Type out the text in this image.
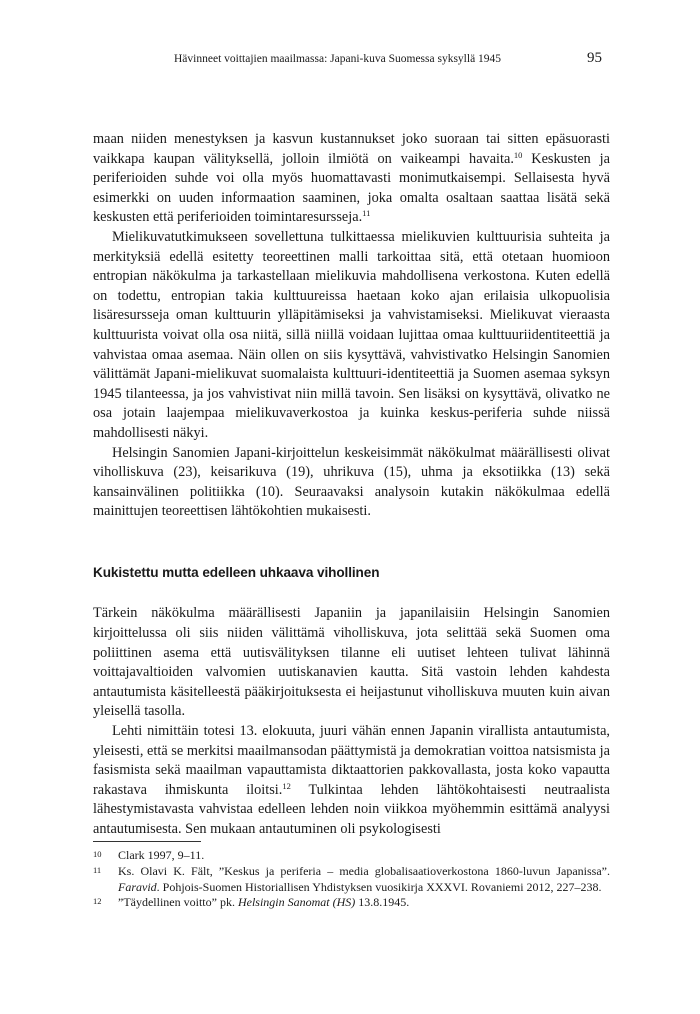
Hävinneet voittajien maailmassa: Japani-kuva Suomessa syksyllä 1945	95

maan niiden menestyksen ja kasvun kustannukset joko suoraan tai sitten epäsuorasti vaikkapa kaupan välityksellä, jolloin ilmiötä on vaikeampi havaita.$^{10}$ Keskusten ja periferioiden suhde voi olla myös huomattavasti monimutkaisempi. Sellaisesta hyvä esimerkki on uuden informaation saaminen, joka omalta osaltaan saattaa lisätä sekä keskusten että periferioiden toimintaresursseja.$^{11}$

Mielikuvatutkimukseen sovellettuna tulkittaessa mielikuvien kulttuurisia suhteita ja merkityksiä edellä esitetty teoreettinen malli tarkoittaa sitä, että otetaan huomioon entropian näkökulma ja tarkastellaan mielikuvia mahdollisena verkostona. Kuten edellä on todettu, entropian takia kulttuureissa haetaan koko ajan erilaisia ulkopuolisia lisäresursseja oman kulttuurin ylläpitämiseksi ja vahvistamiseksi. Mielikuvat vieraasta kulttuurista voivat olla osa niitä, sillä niillä voidaan lujittaa omaa kulttuuriidentiteettiä ja vahvistaa omaa asemaa. Näin ollen on siis kysyttävä, vahvistivatko Helsingin Sanomien välittämät Japani-mielikuvat suomalaista kulttuuri-identiteettiä ja Suomen asemaa syksyn 1945 tilanteessa, ja jos vahvistivat niin millä tavoin. Sen lisäksi on kysyttävä, olivatko ne osa jotain laajempaa mielikuvaverkostoa ja kuinka keskus-periferia suhde niissä mahdollisesti näkyi.

Helsingin Sanomien Japani-kirjoittelun keskeisimmät näkökulmat määrällisesti olivat viholliskuva (23), keisarikuva (19), uhrikuva (15), uhma ja eksotiikka (13) sekä kansainvälinen politiikka (10). Seuraavaksi analysoin kutakin näkökulmaa edellä mainittujen teoreettisen lähtökohtien mukaisesti.

Kukistettu mutta edelleen uhkaava vihollinen

Tärkein näkökulma määrällisesti Japaniin ja japanilaisiin Helsingin Sanomien kirjoittelussa oli siis niiden välittämä viholliskuva, jota selittää sekä Suomen oma poliittinen asema että uutisvälityksen tilanne eli uutiset lehteen tulivat lähinnä voittajavaltioiden valvomien uutiskanavien kautta. Sitä vastoin lehden kahdesta antautumista käsitelleestä pääkirjoituksesta ei heijastunut viholliskuva muuten kuin aivan yleisellä tasolla.

Lehti nimittäin totesi 13. elokuuta, juuri vähän ennen Japanin virallista antautumista, yleisesti, että se merkitsi maailmansodan päättymistä ja demokratian voittoa natsismista ja fasismista sekä maailman vapauttamista diktaattorien pakkovallasta, josta koko vapautta rakastava ihmiskunta iloitsi.$^{12}$ Tulkintaa lehden lähtökohtaisesti neutraalista lähestymistavasta vahvistaa edelleen lehden noin viikkoa myöhemmin esittämä analyysi antautumisesta. Sen mukaan antautuminen oli psykologisesti

10 Clark 1997, 9–11.

11 Ks. Olavi K. Fält, ”Keskus ja periferia – media globalisaatioverkostona 1860-luvun Japanissa”. Faravid. Pohjois-Suomen Historiallisen Yhdistyksen vuosikirja XXXVI. Rovaniemi 2012, 227–238.

12 ”Täydellinen voitto” pk. Helsingin Sanomat (HS) 13.8.1945.
